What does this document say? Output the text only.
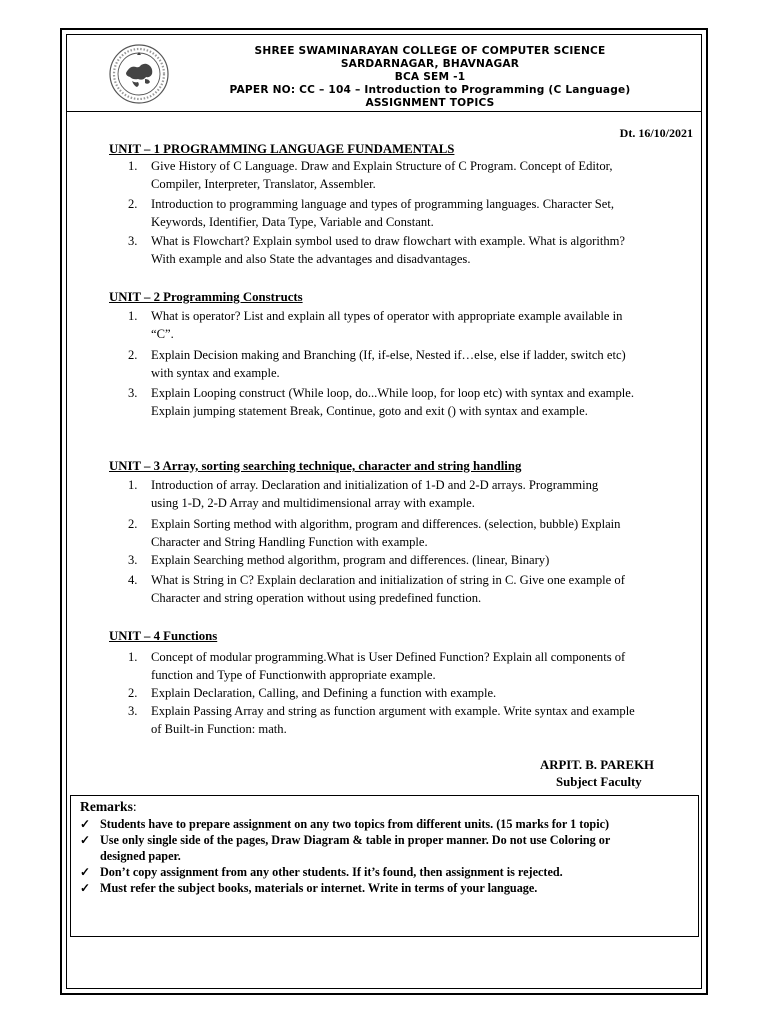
SHREE SWAMINARAYAN COLLEGE OF COMPUTER SCIENCE
SARDARNAGAR, BHAVNAGAR
BCA SEM -1
PAPER NO: CC – 104 – Introduction to Programming (C Language)
ASSIGNMENT TOPICS
Dt. 16/10/2021
UNIT – 1 PROGRAMMING LANGUAGE FUNDAMENTALS
1.	Give History of C Language. Draw and Explain Structure of C Program. Concept of Editor,
Compiler, Interpreter, Translator, Assembler.
2.	Introduction to programming language and types of programming languages. Character Set,
Keywords, Identifier, Data Type, Variable and Constant.
3.	What is Flowchart? Explain symbol used to draw flowchart with example. What is algorithm?
With example and also State the advantages and disadvantages.
UNIT – 2 Programming Constructs
1.	What is operator? List and explain all types of operator with appropriate example available in
“C”.
2.	Explain Decision making and Branching (If, if-else, Nested if…else, else if ladder, switch etc)
with syntax and example.
3.	Explain Looping construct (While loop, do...While loop, for loop etc) with syntax and example.
Explain jumping statement Break, Continue, goto and exit () with syntax and example.
UNIT – 3 Array, sorting searching technique, character and string handling
1.	Introduction of array. Declaration and initialization of 1-D and 2-D arrays. Programming
using 1-D, 2-D Array and multidimensional array with example.
2.	Explain Sorting method with algorithm, program and differences. (selection, bubble) Explain
Character and String Handling Function with example.
3.	Explain Searching method algorithm, program and differences. (linear, Binary)
4.	What is String in C? Explain declaration and initialization of string in C. Give one example of
Character and string operation without using predefined function.
UNIT – 4 Functions
1.	Concept of modular programming.What is User Defined Function? Explain all components of
function and Type of Functionwith appropriate example.
2.	Explain Declaration, Calling, and Defining a function with example.
3.	Explain Passing Array and string as function argument with example. Write syntax and example
of Built-in Function: math.
ARPIT. B. PAREKH
Subject Faculty
Remarks:
✓ Students have to prepare assignment on any two topics from different units. (15 marks for 1 topic)
✓ Use only single side of the pages, Draw Diagram & table in proper manner. Do not use Coloring or
designed paper.
✓ Don’t copy assignment from any other students. If it’s found, then assignment is rejected.
✓ Must refer the subject books, materials or internet. Write in terms of your language.
